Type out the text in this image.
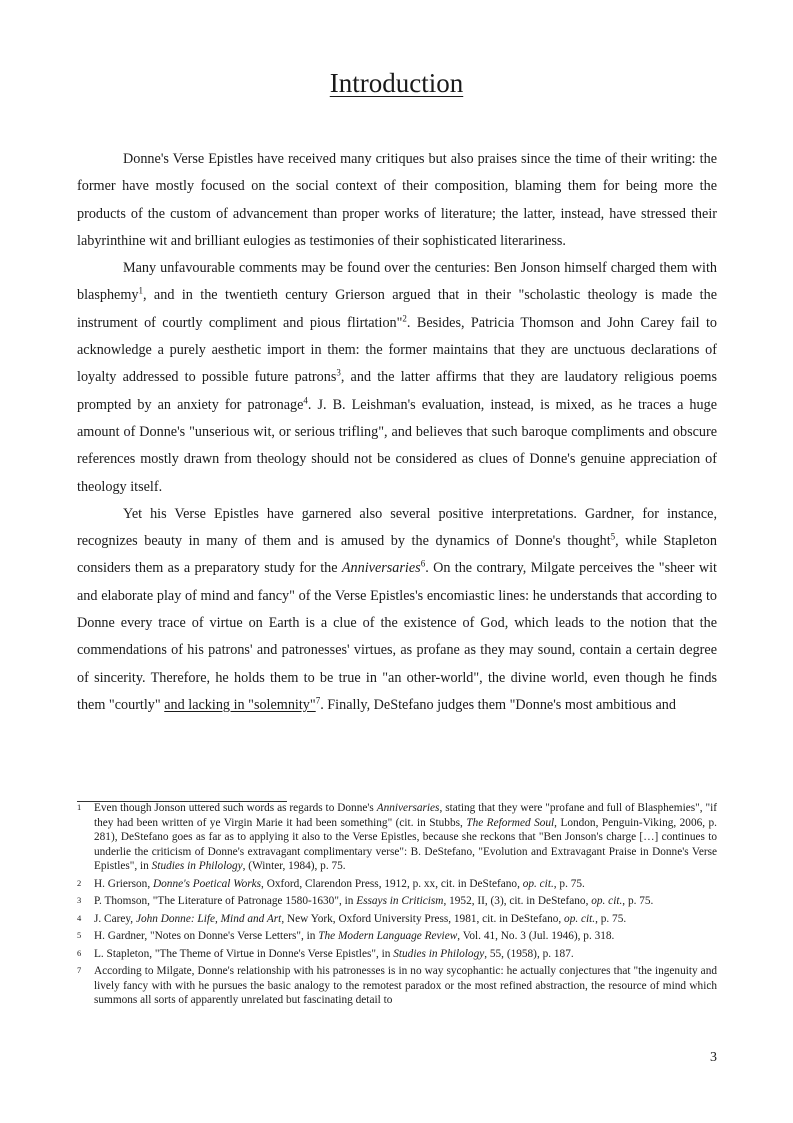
Introduction

Donne's Verse Epistles have received many critiques but also praises since the time of their writing: the former have mostly focused on the social context of their composition, blaming them for being more the products of the custom of advancement than proper works of literature; the latter, instead, have stressed their labyrinthine wit and brilliant eulogies as testimonies of their sophisticated literariness.

Many unfavourable comments may be found over the centuries: Ben Jonson himself charged them with blasphemy$^1$, and in the twentieth century Grierson argued that in their "scholastic theology is made the instrument of courtly compliment and pious flirtation"$^2$. Besides, Patricia Thomson and John Carey fail to acknowledge a purely aesthetic import in them: the former maintains that they are unctuous declarations of loyalty addressed to possible future patrons$^3$, and the latter affirms that they are laudatory religious poems prompted by an anxiety for patronage$^4$. J. B. Leishman's evaluation, instead, is mixed, as he traces a huge amount of Donne's "unserious wit, or serious trifling", and believes that such baroque compliments and obscure references mostly drawn from theology should not be considered as clues of Donne's genuine appreciation of theology itself.

Yet his Verse Epistles have garnered also several positive interpretations. Gardner, for instance, recognizes beauty in many of them and is amused by the dynamics of Donne's thought$^5$, while Stapleton considers them as a preparatory study for the Anniversaries$^6$. On the contrary, Milgate perceives the "sheer wit and elaborate play of mind and fancy" of the Verse Epistles's encomiastic lines: he understands that according to Donne every trace of virtue on Earth is a clue of the existence of God, which leads to the notion that the commendations of his patrons' and patronesses' virtues, as profane as they may sound, contain a certain degree of sincerity. Therefore, he holds them to be true in "an other-world", the divine world, even though he finds them "courtly" and lacking in "solemnity"$^7$. Finally, DeStefano judges them "Donne's most ambitious and

1	Even though Jonson uttered such words as regards to Donne's Anniversaries, stating that they were "profane and full of Blasphemies", "if they had been written of ye Virgin Marie it had been something" (cit. in Stubbs, The Reformed Soul, London, Penguin-Viking, 2006, p. 281), DeStefano goes as far as to applying it also to the Verse Epistles, because she reckons that "Ben Jonson's charge […] continues to underlie the criticism of Donne's extravagant complimentary verse": B. DeStefano, "Evolution and Extravagant Praise in Donne's Verse Epistles", in Studies in Philology, (Winter, 1984), p. 75.
2	H. Grierson, Donne's Poetical Works, Oxford, Clarendon Press, 1912, p. xx, cit. in DeStefano, op. cit., p. 75.
3	P. Thomson, "The Literature of Patronage 1580-1630", in Essays in Criticism, 1952, II, (3), cit. in DeStefano, op. cit., p. 75.
4	J. Carey, John Donne: Life, Mind and Art, New York, Oxford University Press, 1981, cit. in DeStefano, op. cit., p. 75.
5	H. Gardner, "Notes on Donne's Verse Letters", in The Modern Language Review, Vol. 41, No. 3 (Jul. 1946), p. 318.
6	L. Stapleton, "The Theme of Virtue in Donne's Verse Epistles", in Studies in Philology, 55, (1958), p. 187.
7	According to Milgate, Donne's relationship with his patronesses is in no way sycophantic: he actually conjectures that "the ingenuity and lively fancy with with he pursues the basic analogy to the remotest paradox or the most refined abstraction, the resource of mind which summons all sorts of apparently unrelated but fascinating detail to
3
